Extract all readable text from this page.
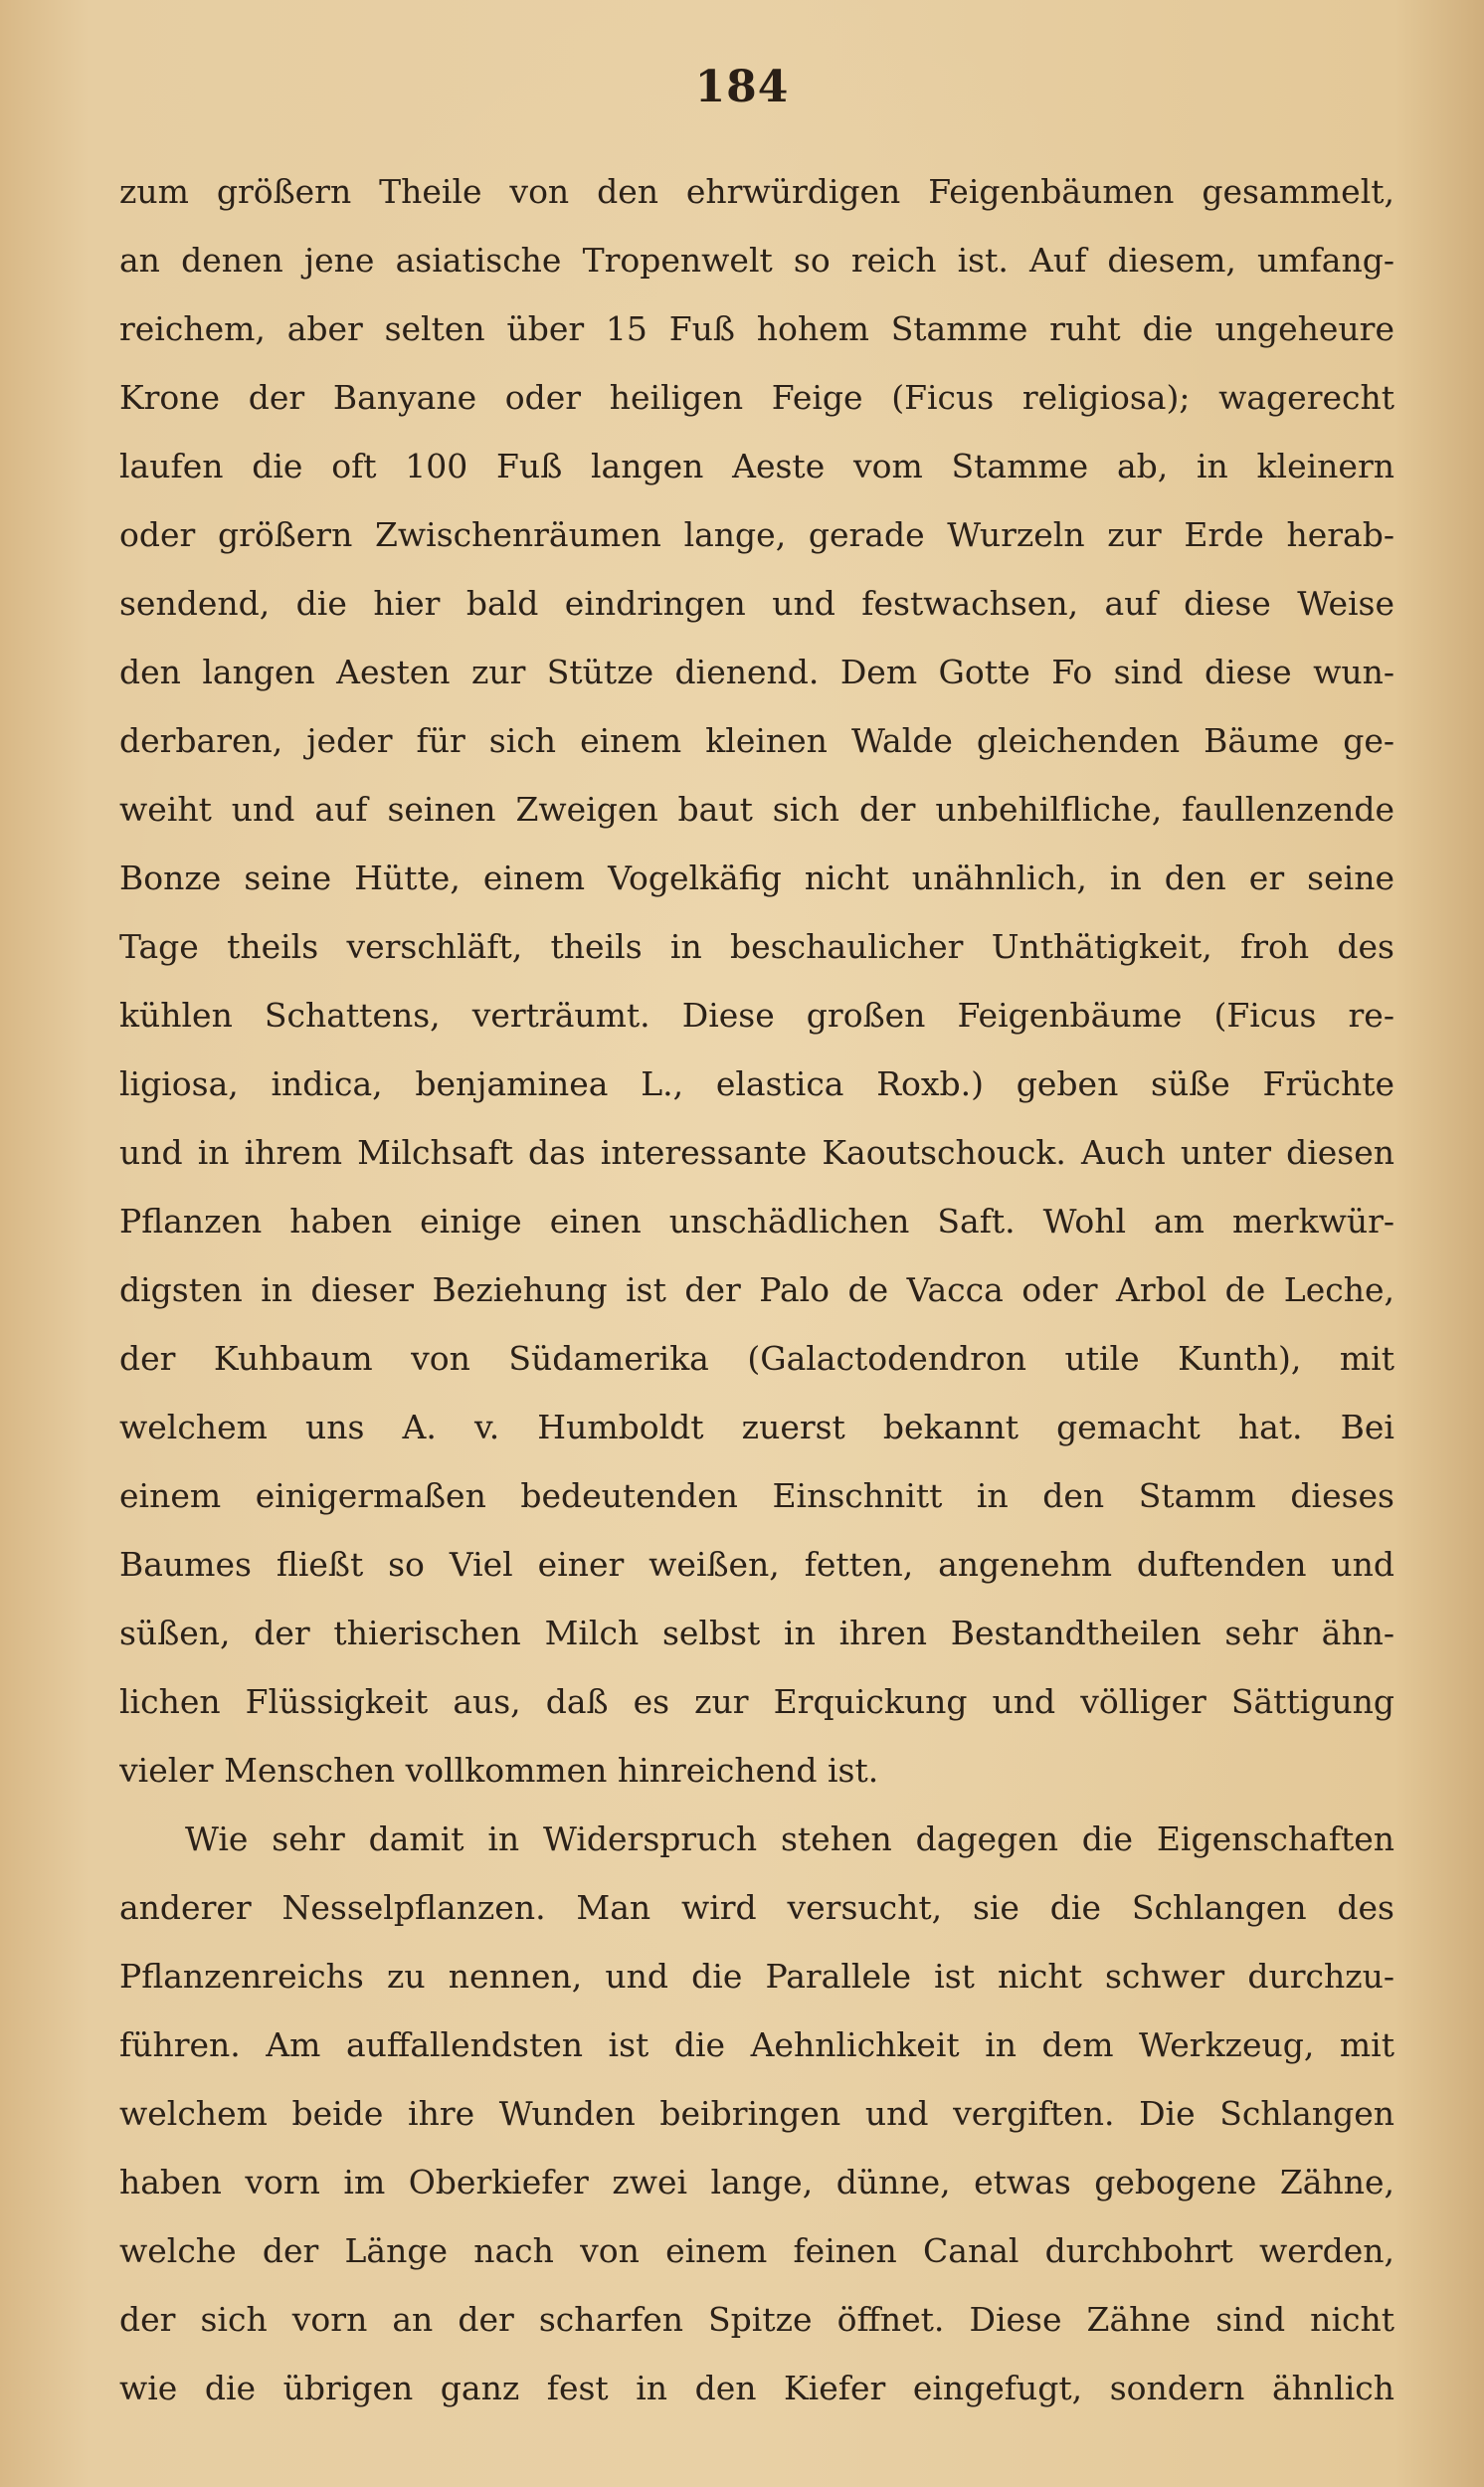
184
zum größern Theile von den ehrwürdigen Feigenbäumen gesammelt,
an denen jene asiatische Tropenwelt so reich ist. Auf diesem, umfang-
reichem, aber selten über 15 Fuß hohem Stamme ruht die ungeheure
Krone der Banyane oder heiligen Feige (Ficus religiosa); wagerecht
laufen die oft 100 Fuß langen Aeste vom Stamme ab, in kleinern
oder größern Zwischenräumen lange, gerade Wurzeln zur Erde herab-
sendend, die hier bald eindringen und festwachsen, auf diese Weise
den langen Aesten zur Stütze dienend. Dem Gotte Fo sind diese wun-
derbaren, jeder für sich einem kleinen Walde gleichenden Bäume ge-
weiht und auf seinen Zweigen baut sich der unbehilfliche, faullenzende
Bonze seine Hütte, einem Vogelkäfig nicht unähnlich, in den er seine
Tage theils verschläft, theils in beschaulicher Unthätigkeit, froh des
kühlen Schattens, verträumt. Diese großen Feigenbäume (Ficus re-
ligiosa, indica, benjaminea L., elastica Roxb.) geben süße Früchte
und in ihrem Milchsaft das interessante Kaoutschouck. Auch unter diesen
Pflanzen haben einige einen unschädlichen Saft. Wohl am merkwür-
digsten in dieser Beziehung ist der Palo de Vacca oder Arbol de Leche,
der Kuhbaum von Südamerika (Galactodendron utile Kunth), mit
welchem uns A. v. Humboldt zuerst bekannt gemacht hat. Bei
einem einigermaßen bedeutenden Einschnitt in den Stamm dieses
Baumes fließt so Viel einer weißen, fetten, angenehm duftenden und
süßen, der thierischen Milch selbst in ihren Bestandtheilen sehr ähn-
lichen Flüssigkeit aus, daß es zur Erquickung und völliger Sättigung
vieler Menschen vollkommen hinreichend ist.
Wie sehr damit in Widerspruch stehen dagegen die Eigenschaften
anderer Nesselpflanzen. Man wird versucht, sie die Schlangen des
Pflanzenreichs zu nennen, und die Parallele ist nicht schwer durchzu-
führen. Am auffallendsten ist die Aehnlichkeit in dem Werkzeug, mit
welchem beide ihre Wunden beibringen und vergiften. Die Schlangen
haben vorn im Oberkiefer zwei lange, dünne, etwas gebogene Zähne,
welche der Länge nach von einem feinen Canal durchbohrt werden,
der sich vorn an der scharfen Spitze öffnet. Diese Zähne sind nicht
wie die übrigen ganz fest in den Kiefer eingefugt, sondern ähnlich
